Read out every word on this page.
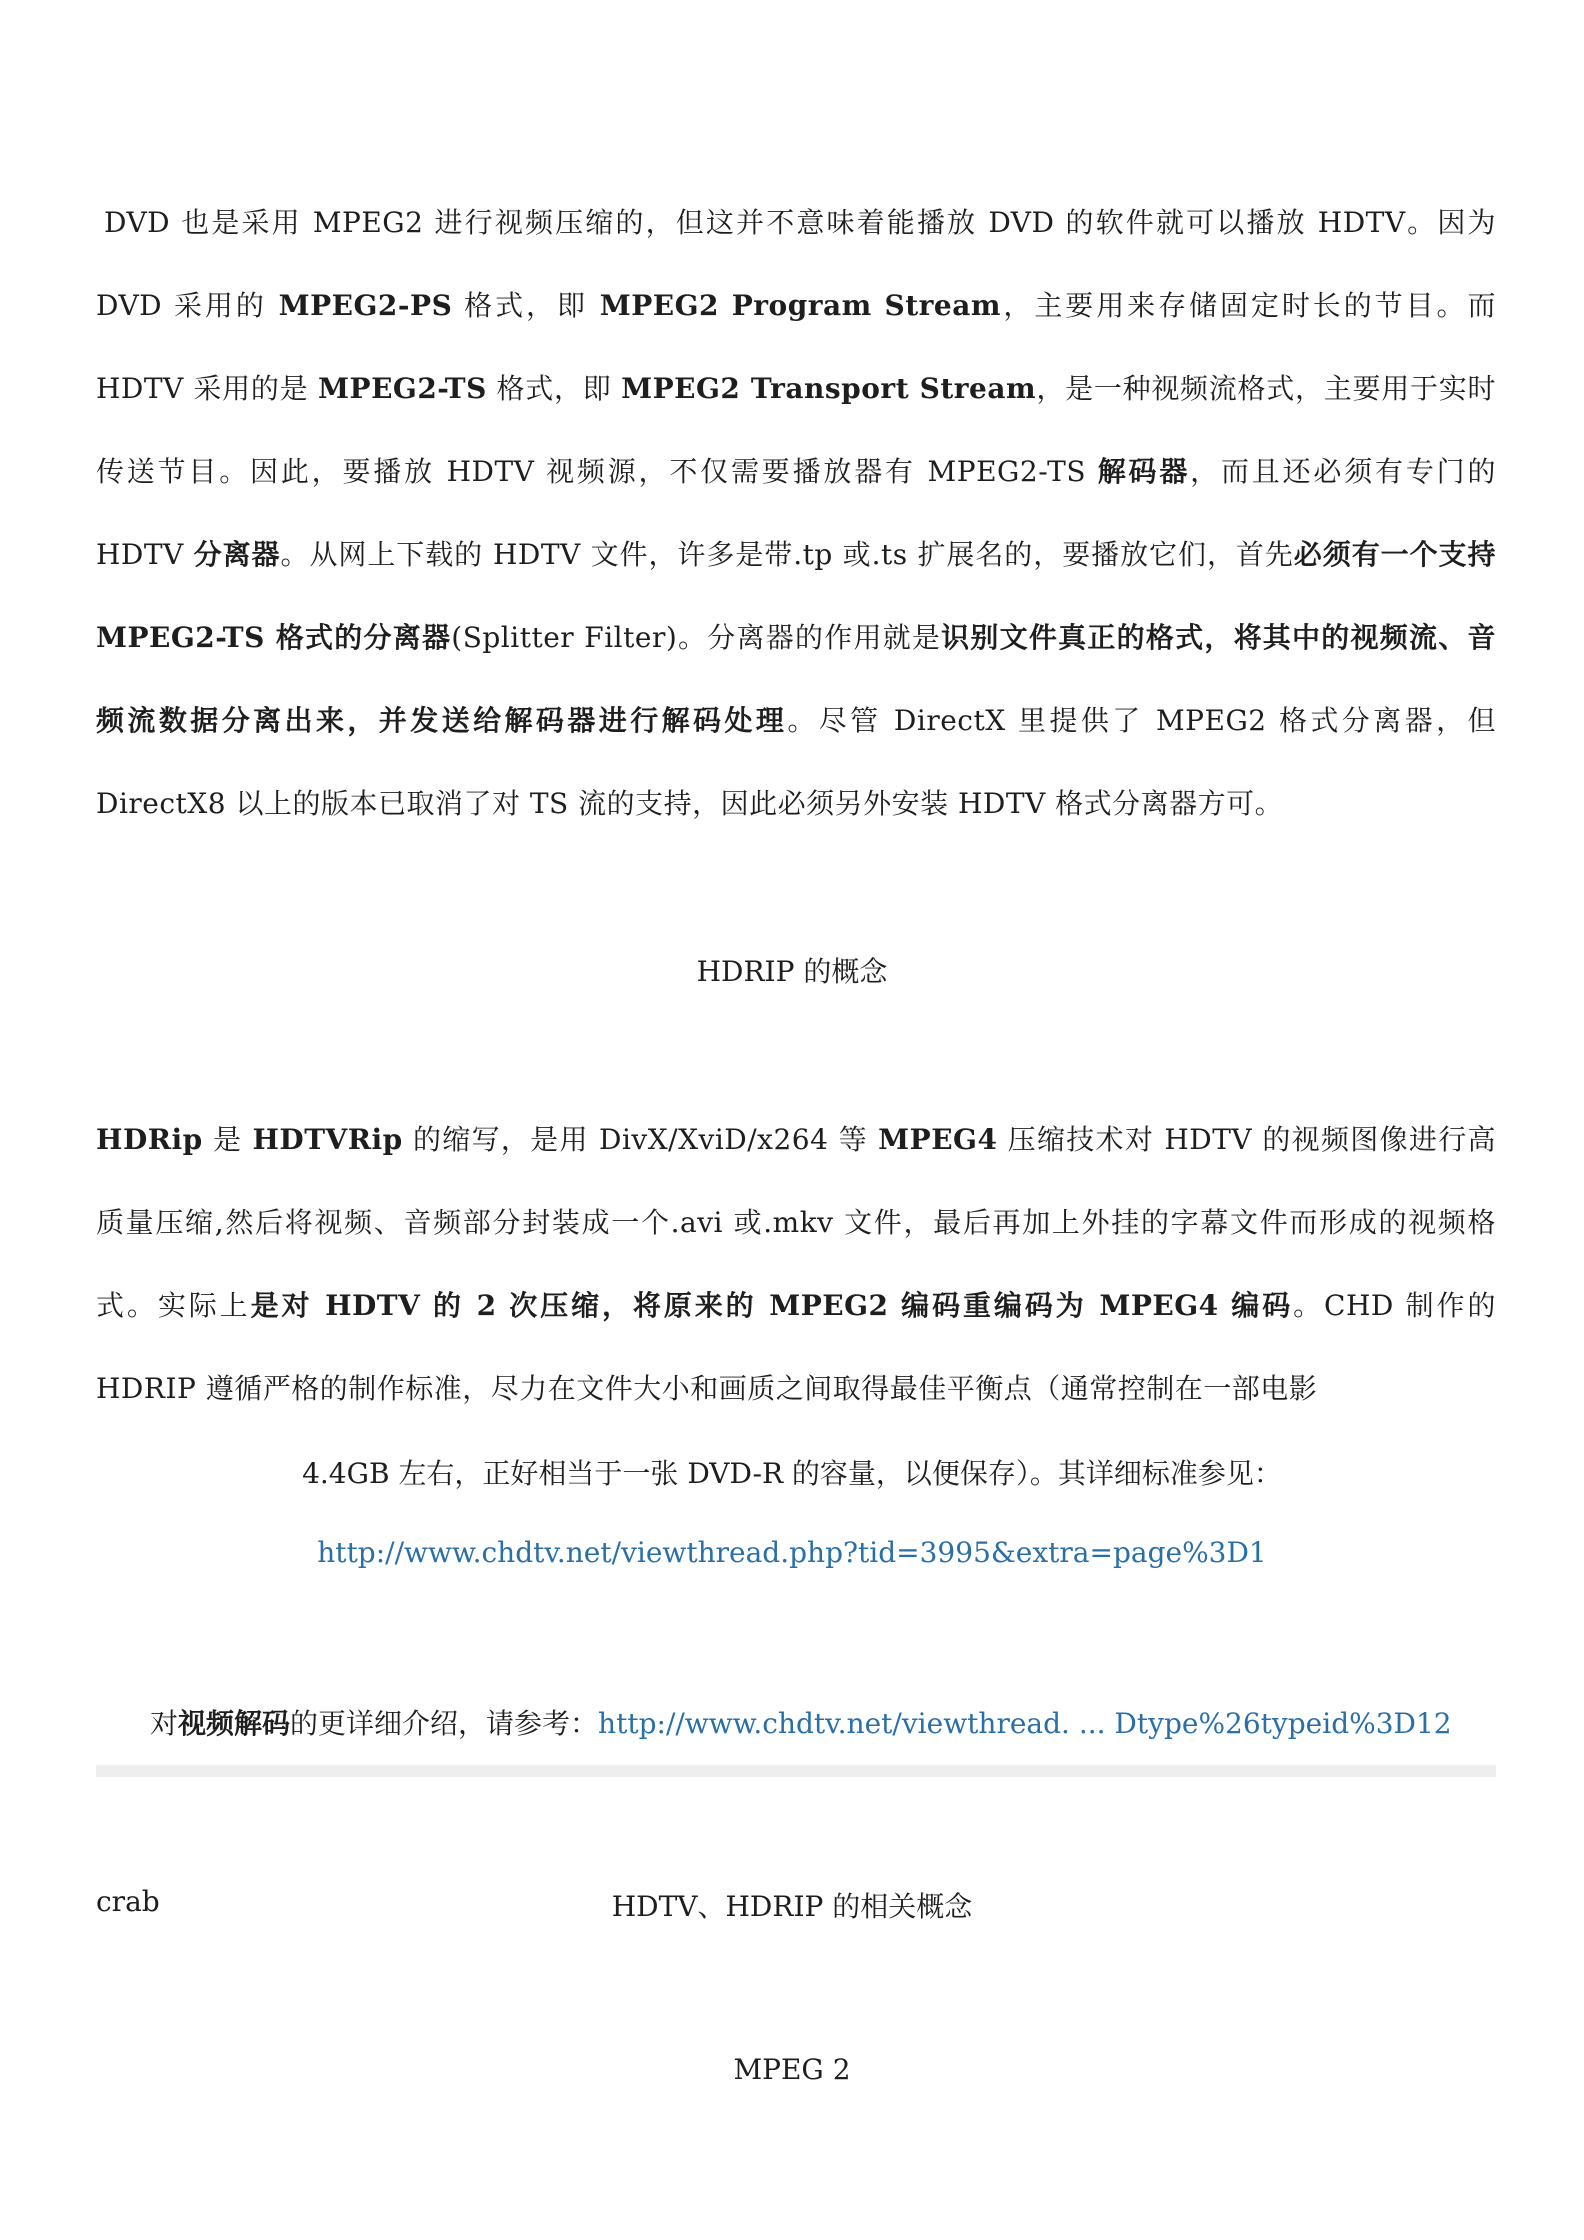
DVD 也是采用 MPEG2 进行视频压缩的，但这并不意味着能播放 DVD 的软件就可以播放 HDTV。因为 DVD 采用的 MPEG2-PS 格式，即 MPEG2 Program Stream，主要用来存储固定时长的节目。而 HDTV 采用的是 MPEG2-TS 格式，即 MPEG2 Transport Stream，是一种视频流格式，主要用于实时传送节目。因此，要播放 HDTV 视频源，不仅需要播放器有 MPEG2-TS 解码器，而且还必须有专门的 HDTV 分离器。从网上下载的 HDTV 文件，许多是带.tp 或.ts 扩展名的，要播放它们，首先必须有一个支持 MPEG2-TS 格式的分离器(Splitter Filter)。分离器的作用就是识别文件真正的格式，将其中的视频流、音频流数据分离出来，并发送给解码器进行解码处理。尽管 DirectX 里提供了 MPEG2 格式分离器，但 DirectX8 以上的版本已取消了对 TS 流的支持，因此必须另外安装 HDTV 格式分离器方可。

HDRIP 的概念

HDRip 是 HDTVRip 的缩写，是用 DivX/XviD/x264 等 MPEG4 压缩技术对 HDTV 的视频图像进行高质量压缩,然后将视频、音频部分封装成一个.avi 或.mkv 文件，最后再加上外挂的字幕文件而形成的视频格式。实际上是对 HDTV 的 2 次压缩，将原来的 MPEG2 编码重编码为 MPEG4 编码。CHD 制作的 HDRIP 遵循严格的制作标准，尽力在文件大小和画质之间取得最佳平衡点（通常控制在一部电影

4.4GB 左右，正好相当于一张 DVD-R 的容量，以便保存）。其详细标准参见：

http://www.chdtv.net/viewthread.php?tid=3995&extra=page%3D1

对视频解码的更详细介绍，请参考：http://www.chdtv.net/viewthread. ... Dtype%26typeid%3D12

crab	HDTV、HDRIP 的相关概念

MPEG 2
